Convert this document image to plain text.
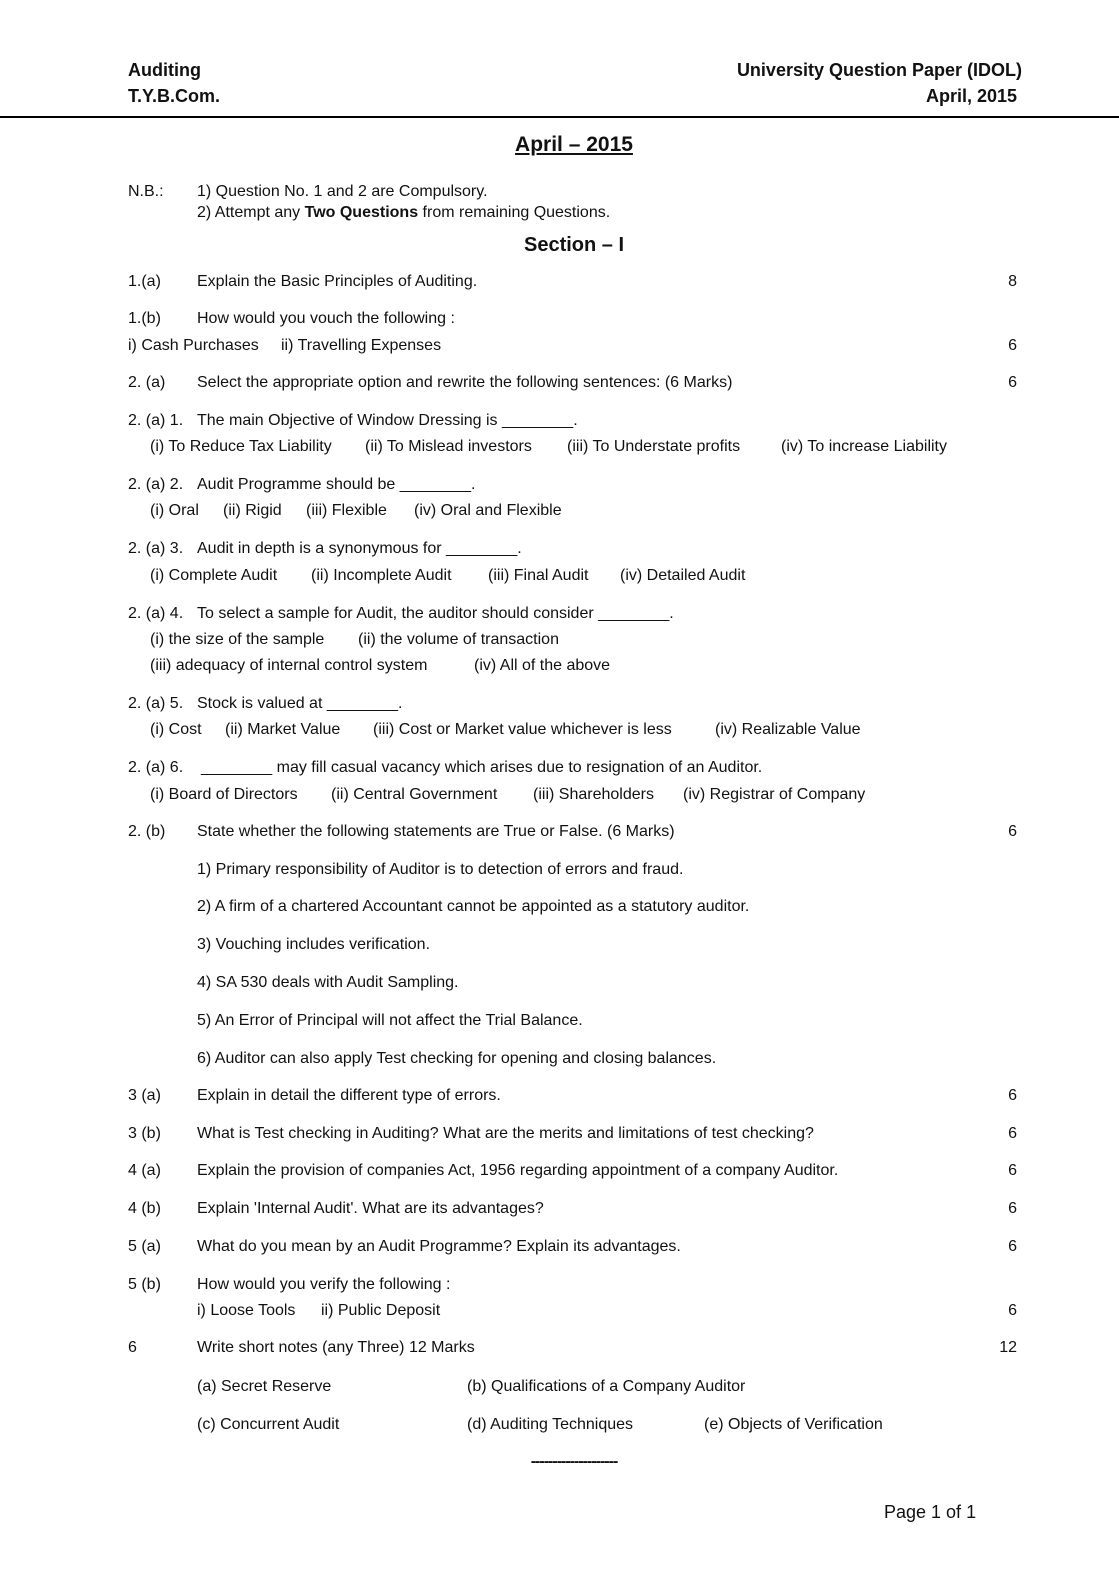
Auditing
T.Y.B.Com.
University Question Paper (IDOL)
April, 2015
April – 2015
N.B.: 1) Question No. 1 and 2 are Compulsory.
2) Attempt any Two Questions from remaining Questions.
Section – I
1.(a) Explain the Basic Principles of Auditing.	8
1.(b) How would you vouch the following :
i) Cash Purchases ii) Travelling Expenses	6
2. (a) Select the appropriate option and rewrite the following sentences: (6 Marks)	6
2. (a) 1. The main Objective of Window Dressing is ________.
(i) To Reduce Tax Liability (ii) To Mislead investors (iii) To Understate profits	(iv) To increase Liability
2. (a) 2. Audit Programme should be ________.
(i) Oral (ii) Rigid (iii) Flexible (iv) Oral and Flexible
2. (a) 3. Audit in depth is a synonymous for ________.
(i) Complete Audit (ii) Incomplete Audit (iii) Final Audit (iv) Detailed Audit
2. (a) 4. To select a sample for Audit, the auditor should consider ________.
(i) the size of the sample (ii) the volume of transaction
(iii) adequacy of internal control system	(iv) All of the above
2. (a) 5. Stock is valued at ________.
(i) Cost (ii) Market Value (iii) Cost or Market value whichever is less	(iv) Realizable Value
2. (a) 6. ________ may fill casual vacancy which arises due to resignation of an Auditor.
(i) Board of Directors (ii) Central Government (iii) Shareholders (iv) Registrar of Company
2. (b) State whether the following statements are True or False. (6 Marks)	6
1) Primary responsibility of Auditor is to detection of errors and fraud.
2) A firm of a chartered Accountant cannot be appointed as a statutory auditor.
3) Vouching includes verification.
4) SA 530 deals with Audit Sampling.
5) An Error of Principal will not affect the Trial Balance.
6) Auditor can also apply Test checking for opening and closing balances.
3 (a) Explain in detail the different type of errors.	6
3 (b) What is Test checking in Auditing? What are the merits and limitations of test checking?	6
4 (a) Explain the provision of companies Act, 1956 regarding appointment of a company Auditor.	6
4 (b) Explain 'Internal Audit'. What are its advantages?	6
5 (a) What do you mean by an Audit Programme? Explain its advantages.	6
5 (b) How would you verify the following :
i) Loose Tools ii) Public Deposit	6
6	Write short notes (any Three) 12 Marks	12
(a) Secret Reserve	(b) Qualifications of a Company Auditor
(c) Concurrent Audit	(d) Auditing Techniques	(e) Objects of Verification
--------------------
Page 1 of 1
